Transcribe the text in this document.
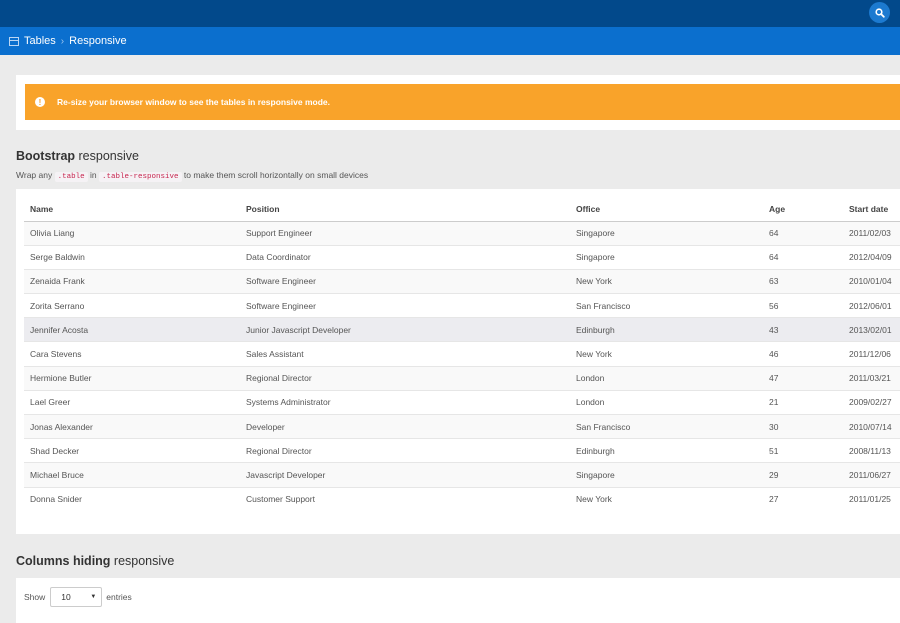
Tables › Responsive
!	Re-size your browser window to see the tables in responsive mode.
Bootstrap responsive
Wrap any .table in .table-responsive to make them scroll horizontally on small devices
Name	Position	Office	Age	Start date
Olivia Liang	Support Engineer	Singapore	64	2011/02/03
Serge Baldwin	Data Coordinator	Singapore	64	2012/04/09
Zenaida Frank	Software Engineer	New York	63	2010/01/04
Zorita Serrano	Software Engineer	San Francisco	56	2012/06/01
Jennifer Acosta	Junior Javascript Developer	Edinburgh	43	2013/02/01
Cara Stevens	Sales Assistant	New York	46	2011/12/06
Hermione Butler	Regional Director	London	47	2011/03/21
Lael Greer	Systems Administrator	London	21	2009/02/27
Jonas Alexander	Developer	San Francisco	30	2010/07/14
Shad Decker	Regional Director	Edinburgh	51	2008/11/13
Michael Bruce	Javascript Developer	Singapore	29	2011/06/27
Donna Snider	Customer Support	New York	27	2011/01/25
Columns hiding responsive
Show 10	▼ entries
